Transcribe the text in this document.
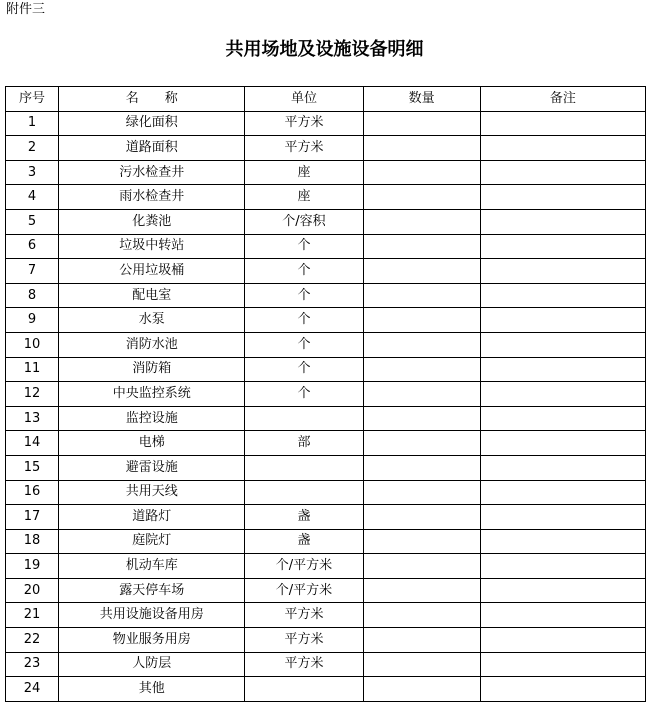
附件三
共用场地及设施设备明细
序号	名　　称	单位	数量	备注
1	绿化面积	平方米		
2	道路面积	平方米		
3	污水检查井	座		
4	雨水检查井	座		
5	化粪池	个/容积		
6	垃圾中转站	个		
7	公用垃圾桶	个		
8	配电室	个		
9	水泵	个		
10	消防水池	个		
11	消防箱	个		
12	中央监控系统	个		
13	监控设施			
14	电梯	部		
15	避雷设施			
16	共用天线			
17	道路灯	盏		
18	庭院灯	盏		
19	机动车库	个/平方米		
20	露天停车场	个/平方米		
21	共用设施设备用房	平方米		
22	物业服务用房	平方米		
23	人防层	平方米		
24	其他			
